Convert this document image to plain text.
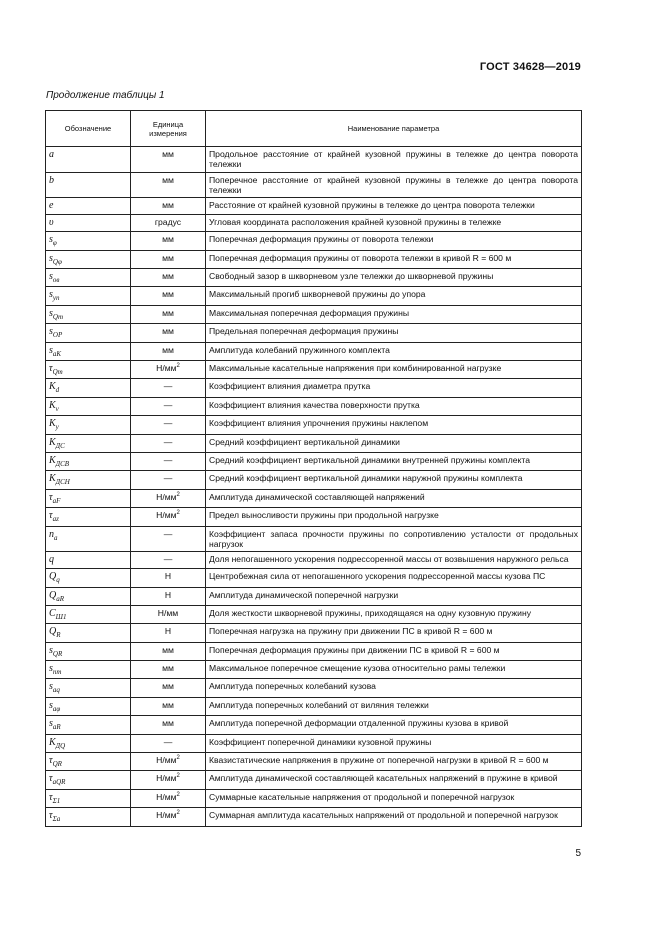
ГОСТ 34628—2019
Продолжение таблицы 1
Обозначение	Единица измерения	Наименование параметра
a	мм	Продольное расстояние от крайней кузовной пружины в тележке до центра поворота тележки
b	мм	Поперечное расстояние от крайней кузовной пружины в тележке до центра поворота тележки
e	мм	Расстояние от крайней кузовной пружины в тележке до центра поворота тележки
υ	градус	Угловая координата расположения крайней кузовной пружины в тележке
$s_\varphi$	мм	Поперечная деформация пружины от поворота тележки
$s_{Q\varphi}$	мм	Поперечная деформация пружины от поворота тележки в кривой R = 600 м
$s_{ов}$	мм	Свободный зазор в шкворневом узле тележки до шкворневой пружины
$s_{уп}$	мм	Максимальный прогиб шкворневой пружины до упора
$s_{Qm}$	мм	Максимальная поперечная деформация пружины
$s_{ОР}$	мм	Предельная поперечная деформация пружины
$s_{аК}$	мм	Амплитуда колебаний пружинного комплекта
$\tau_{Qm}$	$Н/мм^2$	Максимальные касательные напряжения при комбинированной нагрузке
$K_d$	—	Коэффициент влияния диаметра прутка
$K_v$	—	Коэффициент влияния качества поверхности прутка
$K_у$	—	Коэффициент влияния упрочнения пружины наклепом
$K_{ДС}$	—	Средний коэффициент вертикальной динамики
$K_{ДСВ}$	—	Средний коэффициент вертикальной динамики внутренней пружины комплекта
$K_{ДСН}$	—	Средний коэффициент вертикальной динамики наружной пружины комплекта
$\tau_{aF}$	$Н/мм^2$	Амплитуда динамической составляющей напряжений
$\tau_{az}$	$Н/мм^2$	Предел выносливости пружины при продольной нагрузке
$n_a$	—	Коэффициент запаса прочности пружины по сопротивлению усталости от продольных нагрузок
q	—	Доля непогашенного ускорения подрессоренной массы от возвышения наружного рельса
$Q_q$	Н	Центробежная сила от непогашенного ускорения подрессоренной массы кузова ПС
$Q_{aR}$	Н	Амплитуда динамической поперечной нагрузки
$C_{Ш1}$	Н/мм	Доля жесткости шкворневой пружины, приходящаяся на одну кузовную пружину
$Q_R$	Н	Поперечная нагрузка на пружину при движении ПС в кривой R = 600 м
$s_{QR}$	мм	Поперечная деформация пружины при движении ПС в кривой R = 600 м
$s_{пт}$	мм	Максимальное поперечное смещение кузова относительно рамы тележки
$s_{aq}$	мм	Амплитуда поперечных колебаний кузова
$s_{a\varphi}$	мм	Амплитуда поперечных колебаний от виляния тележки
$s_{aR}$	мм	Амплитуда поперечной деформации отдаленной пружины кузова в кривой
$K_{ДQ}$	—	Коэффициент поперечной динамики кузовной пружины
$\tau_{QR}$	$Н/мм^2$	Квазистатические напряжения в пружине от поперечной нагрузки в кривой R = 600 м
$\tau_{aQR}$	$Н/мм^2$	Амплитуда динамической составляющей касательных напряжений в пружине в кривой
$\tau_{\Sigma 1}$	$Н/мм^2$	Суммарные касательные напряжения от продольной и поперечной нагрузок
$\tau_{\Sigma a}$	$Н/мм^2$	Суммарная амплитуда касательных напряжений от продольной и поперечной нагрузок
5
